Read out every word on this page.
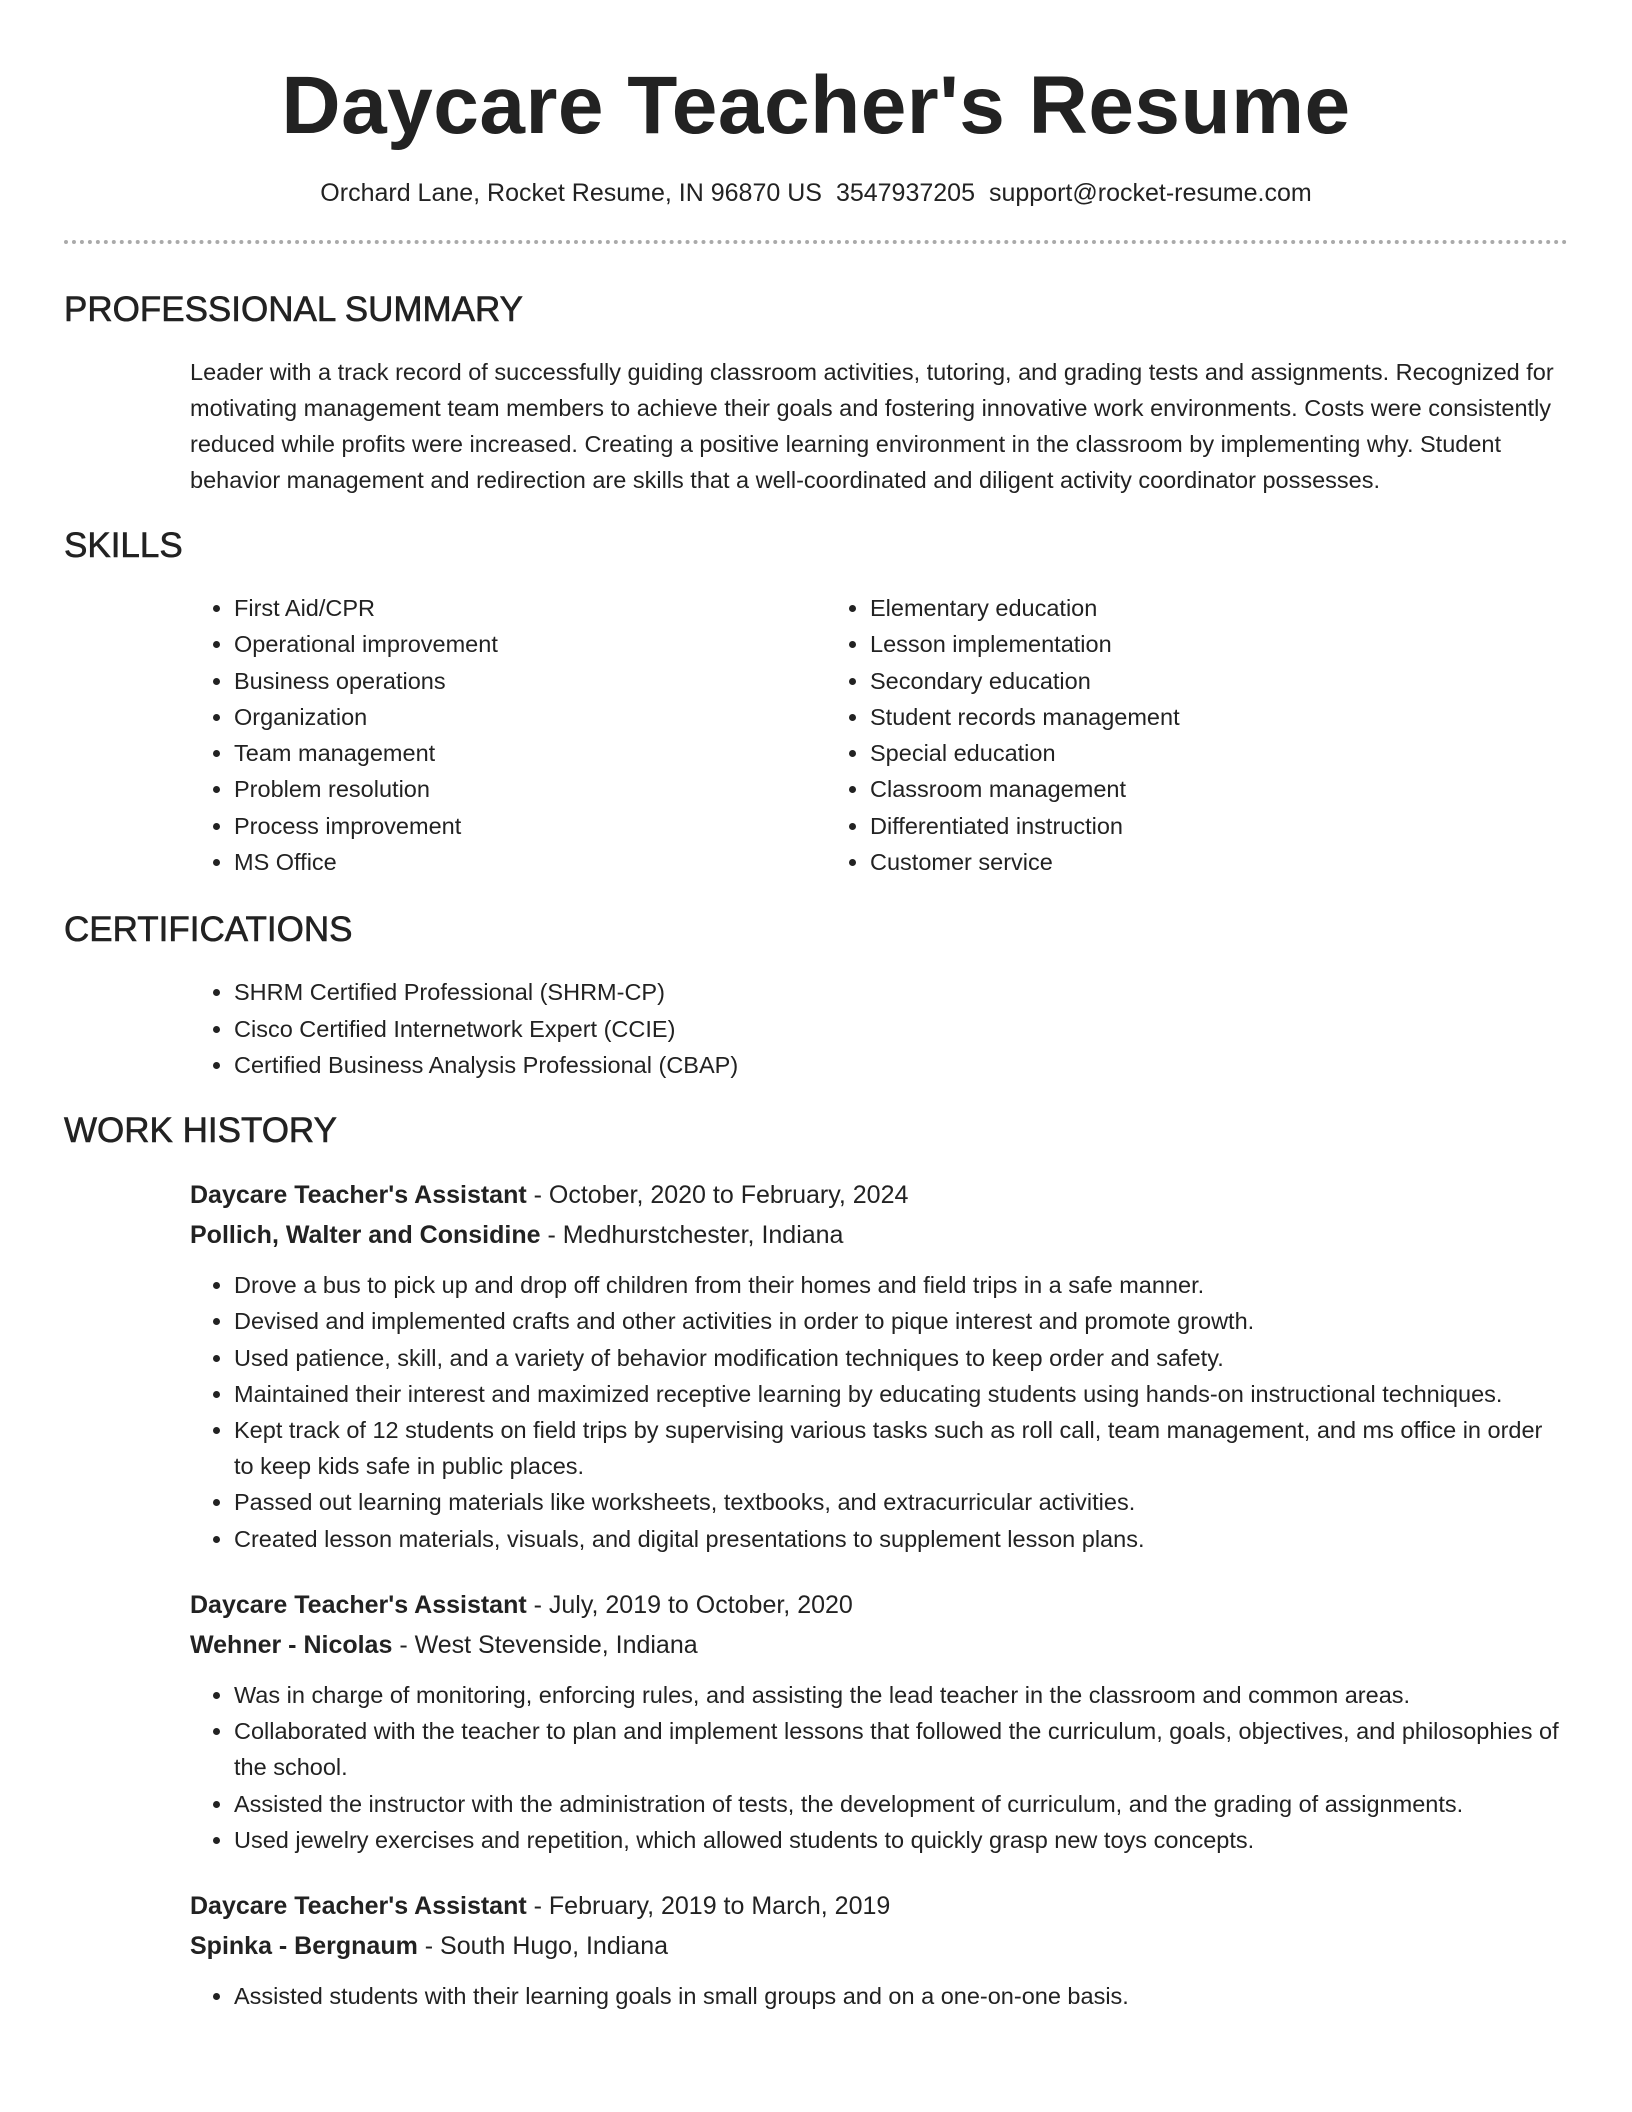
Daycare Teacher's Resume
Orchard Lane, Rocket Resume, IN 96870 US 3547937205 support@rocket-resume.com
PROFESSIONAL SUMMARY

Leader with a track record of successfully guiding classroom activities, tutoring, and grading tests and assignments. Recognized for motivating management team members to achieve their goals and fostering innovative work environments. Costs were consistently reduced while profits were increased. Creating a positive learning environment in the classroom by implementing why. Student behavior management and redirection are skills that a well-coordinated and diligent activity coordinator possesses.

SKILLS
• First Aid/CPR
• Operational improvement
• Business operations
• Organization
• Team management
• Problem resolution
• Process improvement
• MS Office
• Elementary education
• Lesson implementation
• Secondary education
• Student records management
• Special education
• Classroom management
• Differentiated instruction
• Customer service
CERTIFICATIONS
• SHRM Certified Professional (SHRM-CP)
• Cisco Certified Internetwork Expert (CCIE)
• Certified Business Analysis Professional (CBAP)
WORK HISTORY
Daycare Teacher's Assistant - October, 2020 to February, 2024
Pollich, Walter and Considine - Medhurstchester, Indiana
• Drove a bus to pick up and drop off children from their homes and field trips in a safe manner.
• Devised and implemented crafts and other activities in order to pique interest and promote growth.
• Used patience, skill, and a variety of behavior modification techniques to keep order and safety.
• Maintained their interest and maximized receptive learning by educating students using hands-on instructional techniques.
• Kept track of 12 students on field trips by supervising various tasks such as roll call, team management, and ms office in order to keep kids safe in public places.
• Passed out learning materials like worksheets, textbooks, and extracurricular activities.
• Created lesson materials, visuals, and digital presentations to supplement lesson plans.
Daycare Teacher's Assistant - July, 2019 to October, 2020
Wehner - Nicolas - West Stevenside, Indiana
• Was in charge of monitoring, enforcing rules, and assisting the lead teacher in the classroom and common areas.
• Collaborated with the teacher to plan and implement lessons that followed the curriculum, goals, objectives, and philosophies of the school.
• Assisted the instructor with the administration of tests, the development of curriculum, and the grading of assignments.
• Used jewelry exercises and repetition, which allowed students to quickly grasp new toys concepts.
Daycare Teacher's Assistant - February, 2019 to March, 2019
Spinka - Bergnaum - South Hugo, Indiana
• Assisted students with their learning goals in small groups and on a one-on-one basis.
